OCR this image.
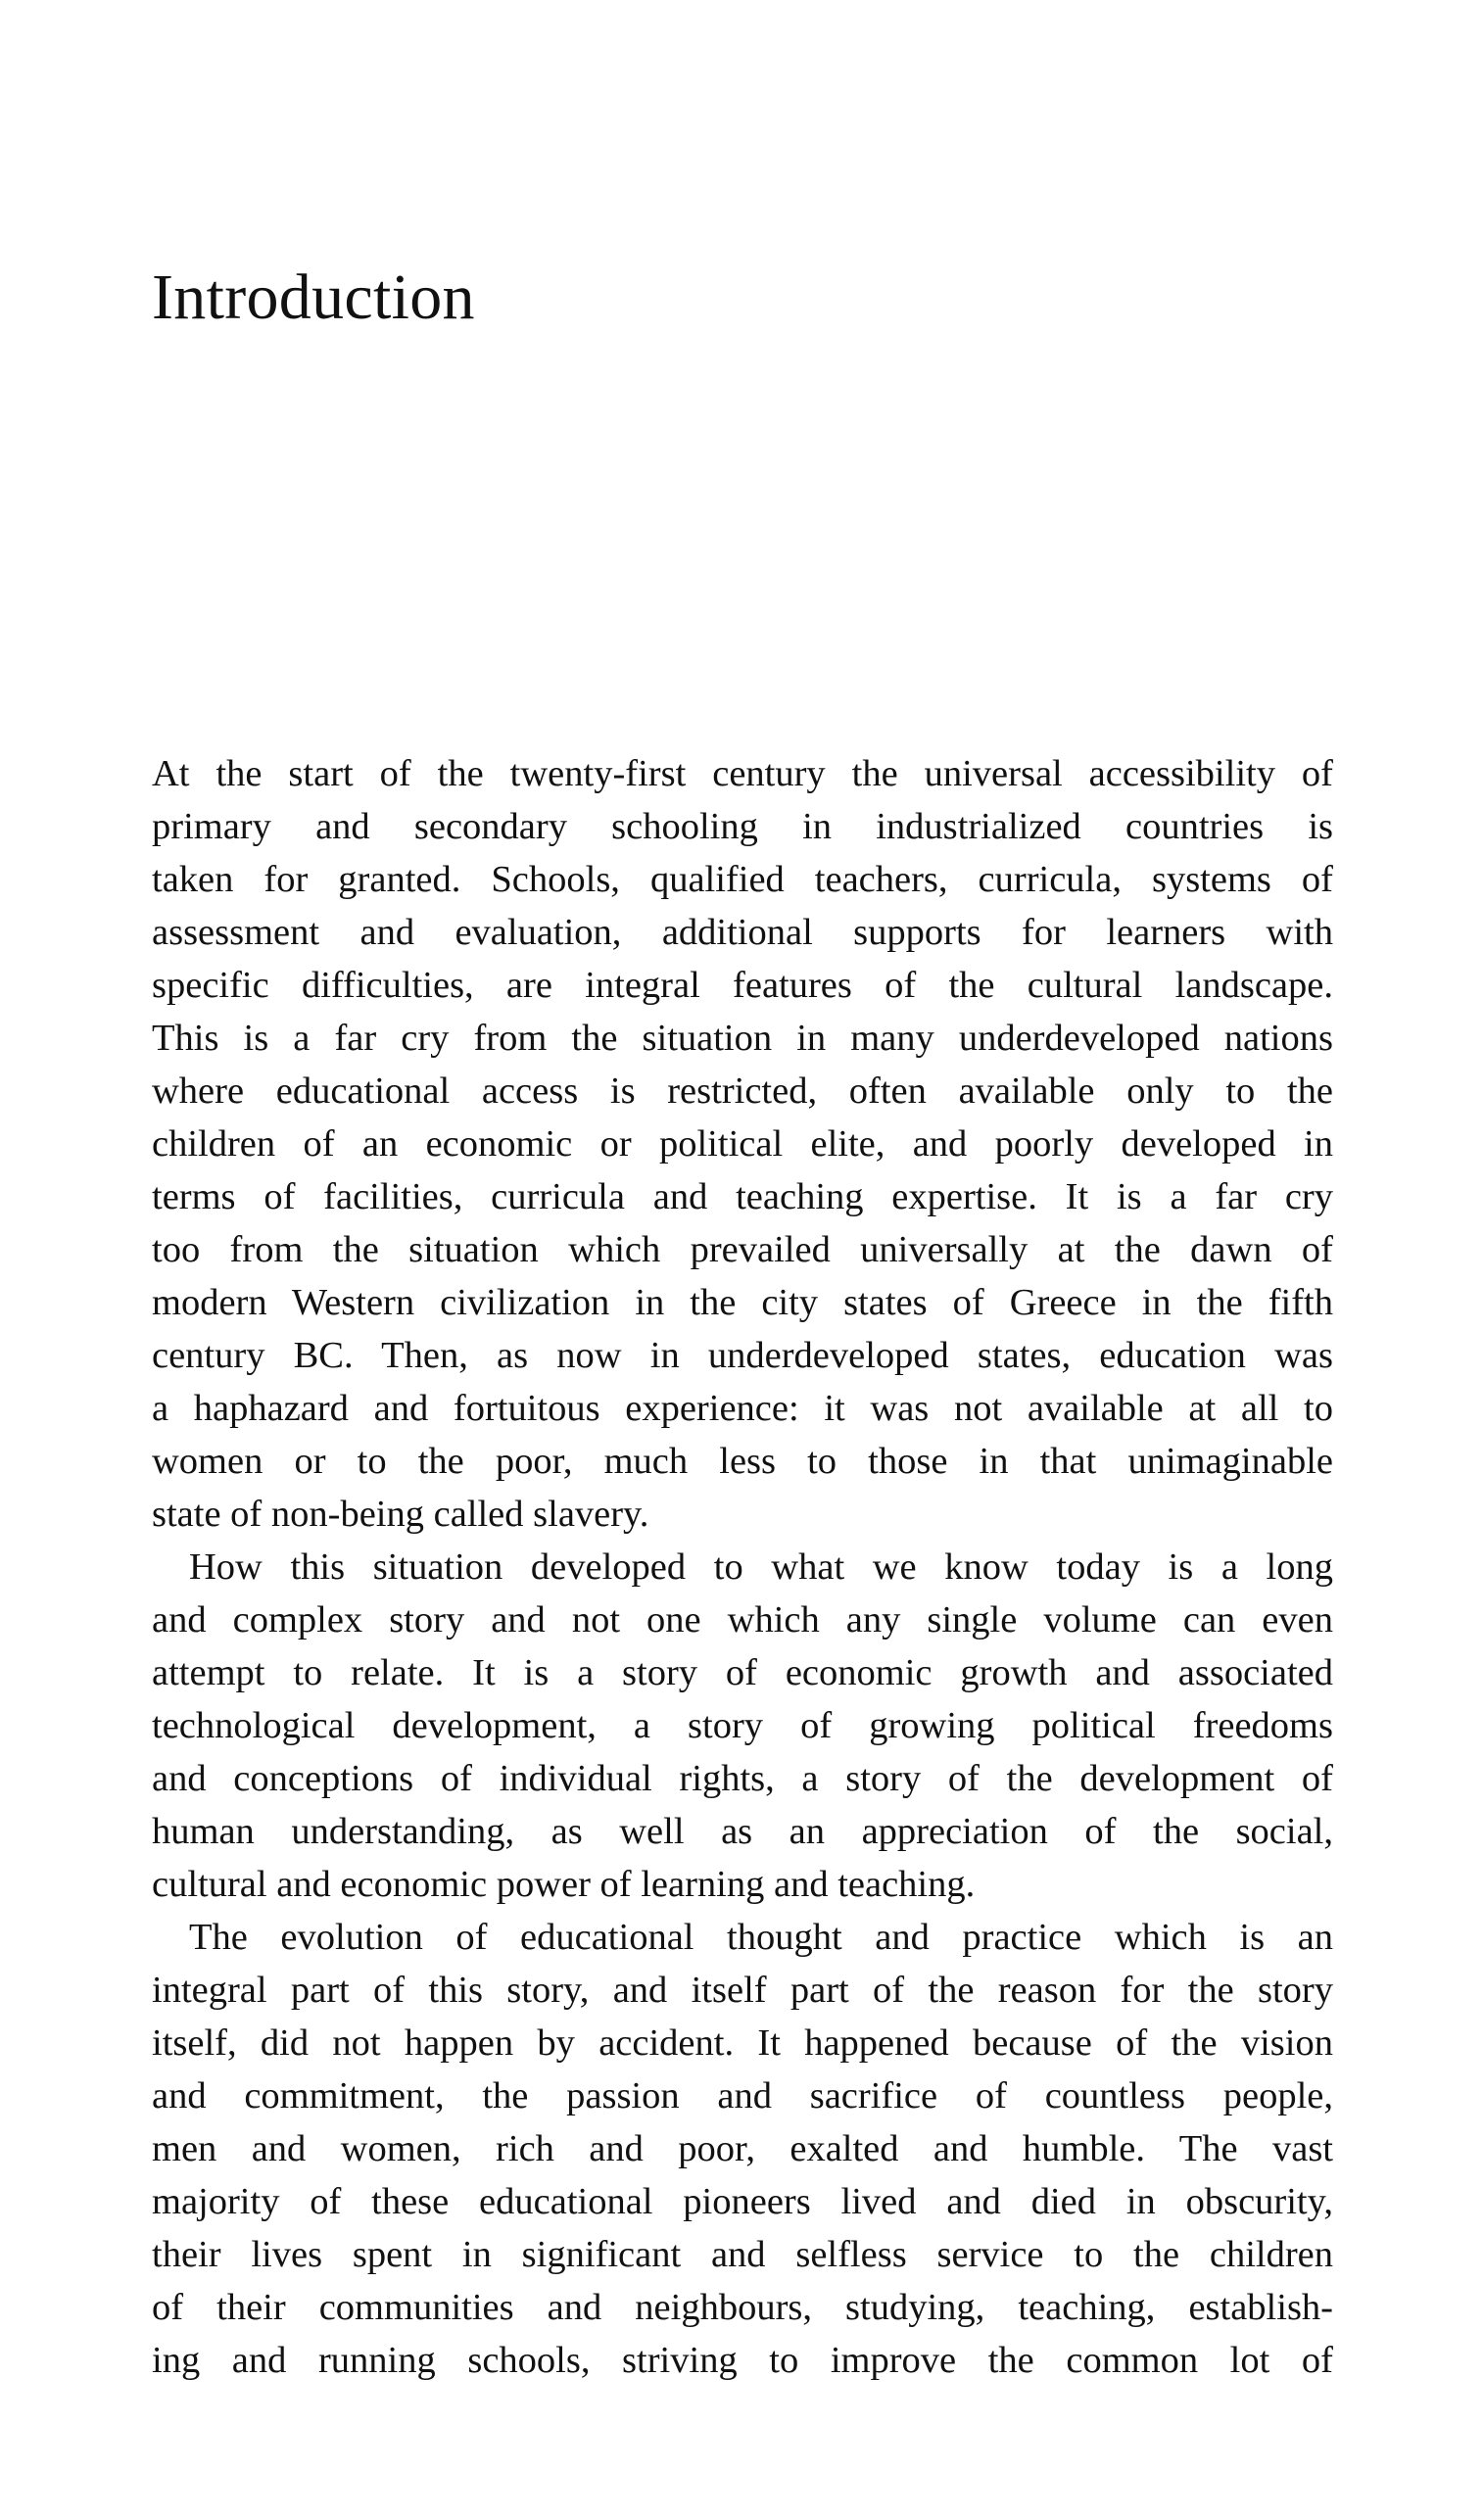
Introduction

At the start of the twenty-first century the universal accessibility of
primary and secondary schooling in industrialized countries is
taken for granted. Schools, qualified teachers, curricula, systems of
assessment and evaluation, additional supports for learners with
specific difficulties, are integral features of the cultural landscape.
This is a far cry from the situation in many underdeveloped nations
where educational access is restricted, often available only to the
children of an economic or political elite, and poorly developed in
terms of facilities, curricula and teaching expertise. It is a far cry
too from the situation which prevailed universally at the dawn of
modern Western civilization in the city states of Greece in the fifth
century BC. Then, as now in underdeveloped states, education was
a haphazard and fortuitous experience: it was not available at all to
women or to the poor, much less to those in that unimaginable
state of non-being called slavery.

How this situation developed to what we know today is a long
and complex story and not one which any single volume can even
attempt to relate. It is a story of economic growth and associated
technological development, a story of growing political freedoms
and conceptions of individual rights, a story of the development of
human understanding, as well as an appreciation of the social,
cultural and economic power of learning and teaching.

The evolution of educational thought and practice which is an
integral part of this story, and itself part of the reason for the story
itself, did not happen by accident. It happened because of the vision
and commitment, the passion and sacrifice of countless people,
men and women, rich and poor, exalted and humble. The vast
majority of these educational pioneers lived and died in obscurity,
their lives spent in significant and selfless service to the children
of their communities and neighbours, studying, teaching, establish-
ing and running schools, striving to improve the common lot of
